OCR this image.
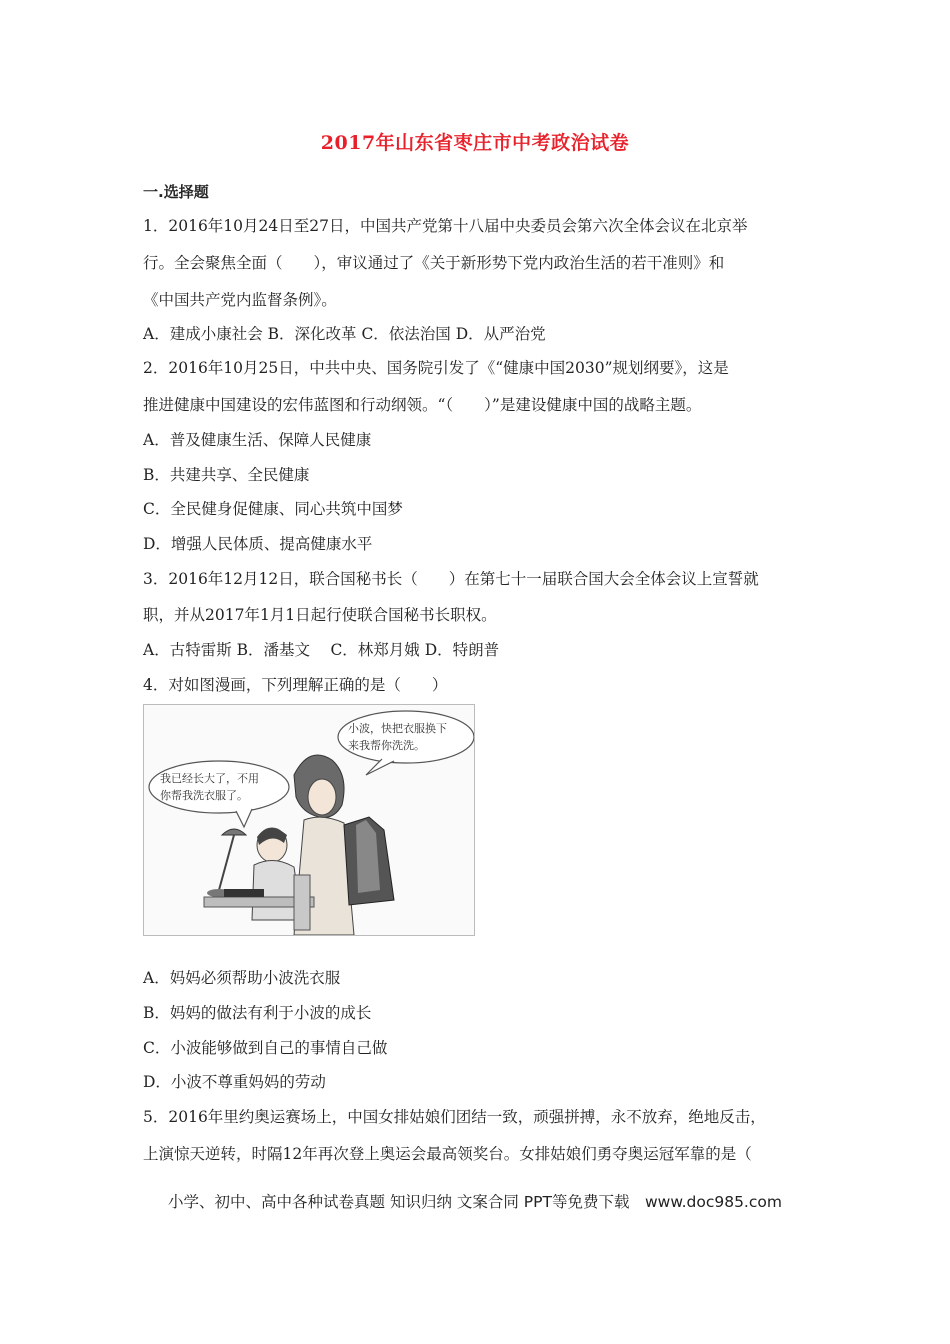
2017年山东省枣庄市中考政治试卷
一.选择题
1．2016年10月24日至27日，中国共产党第十八届中央委员会第六次全体会议在北京举
行。全会聚焦全面（　　），审议通过了《关于新形势下党内政治生活的若干准则》和
《中国共产党内监督条例》。
A．建成小康社会 B．深化改革 C．依法治国 D．从严治党
2．2016年10月25日，中共中央、国务院引发了《“健康中国2030”规划纲要》，这是
推进健康中国建设的宏伟蓝图和行动纲领。“（　　）”是建设健康中国的战略主题。
A．普及健康生活、保障人民健康
B．共建共享、全民健康
C．全民健身促健康、同心共筑中国梦
D．增强人民体质、提高健康水平
3．2016年12月12日，联合国秘书长（　　）在第七十一届联合国大会全体会议上宣誓就
职，并从2017年1月1日起行使联合国秘书长职权。
A．古特雷斯 B．潘基文　 C．林郑月娥 D．特朗普
4．对如图漫画，下列理解正确的是（　　）
小波，快把衣服换下
来我帮你洗洗。
我已经长大了，不用
你帮我洗衣服了。
A．妈妈必须帮助小波洗衣服
B．妈妈的做法有利于小波的成长
C．小波能够做到自己的事情自己做
D．小波不尊重妈妈的劳动
5．2016年里约奥运赛场上，中国女排姑娘们团结一致，顽强拼搏，永不放弃，绝地反击，
上演惊天逆转，时隔12年再次登上奥运会最高领奖台。女排姑娘们勇夺奥运冠军靠的是（
小学、初中、高中各种试卷真题 知识归纳 文案合同 PPT等免费下载　www.doc985.com
